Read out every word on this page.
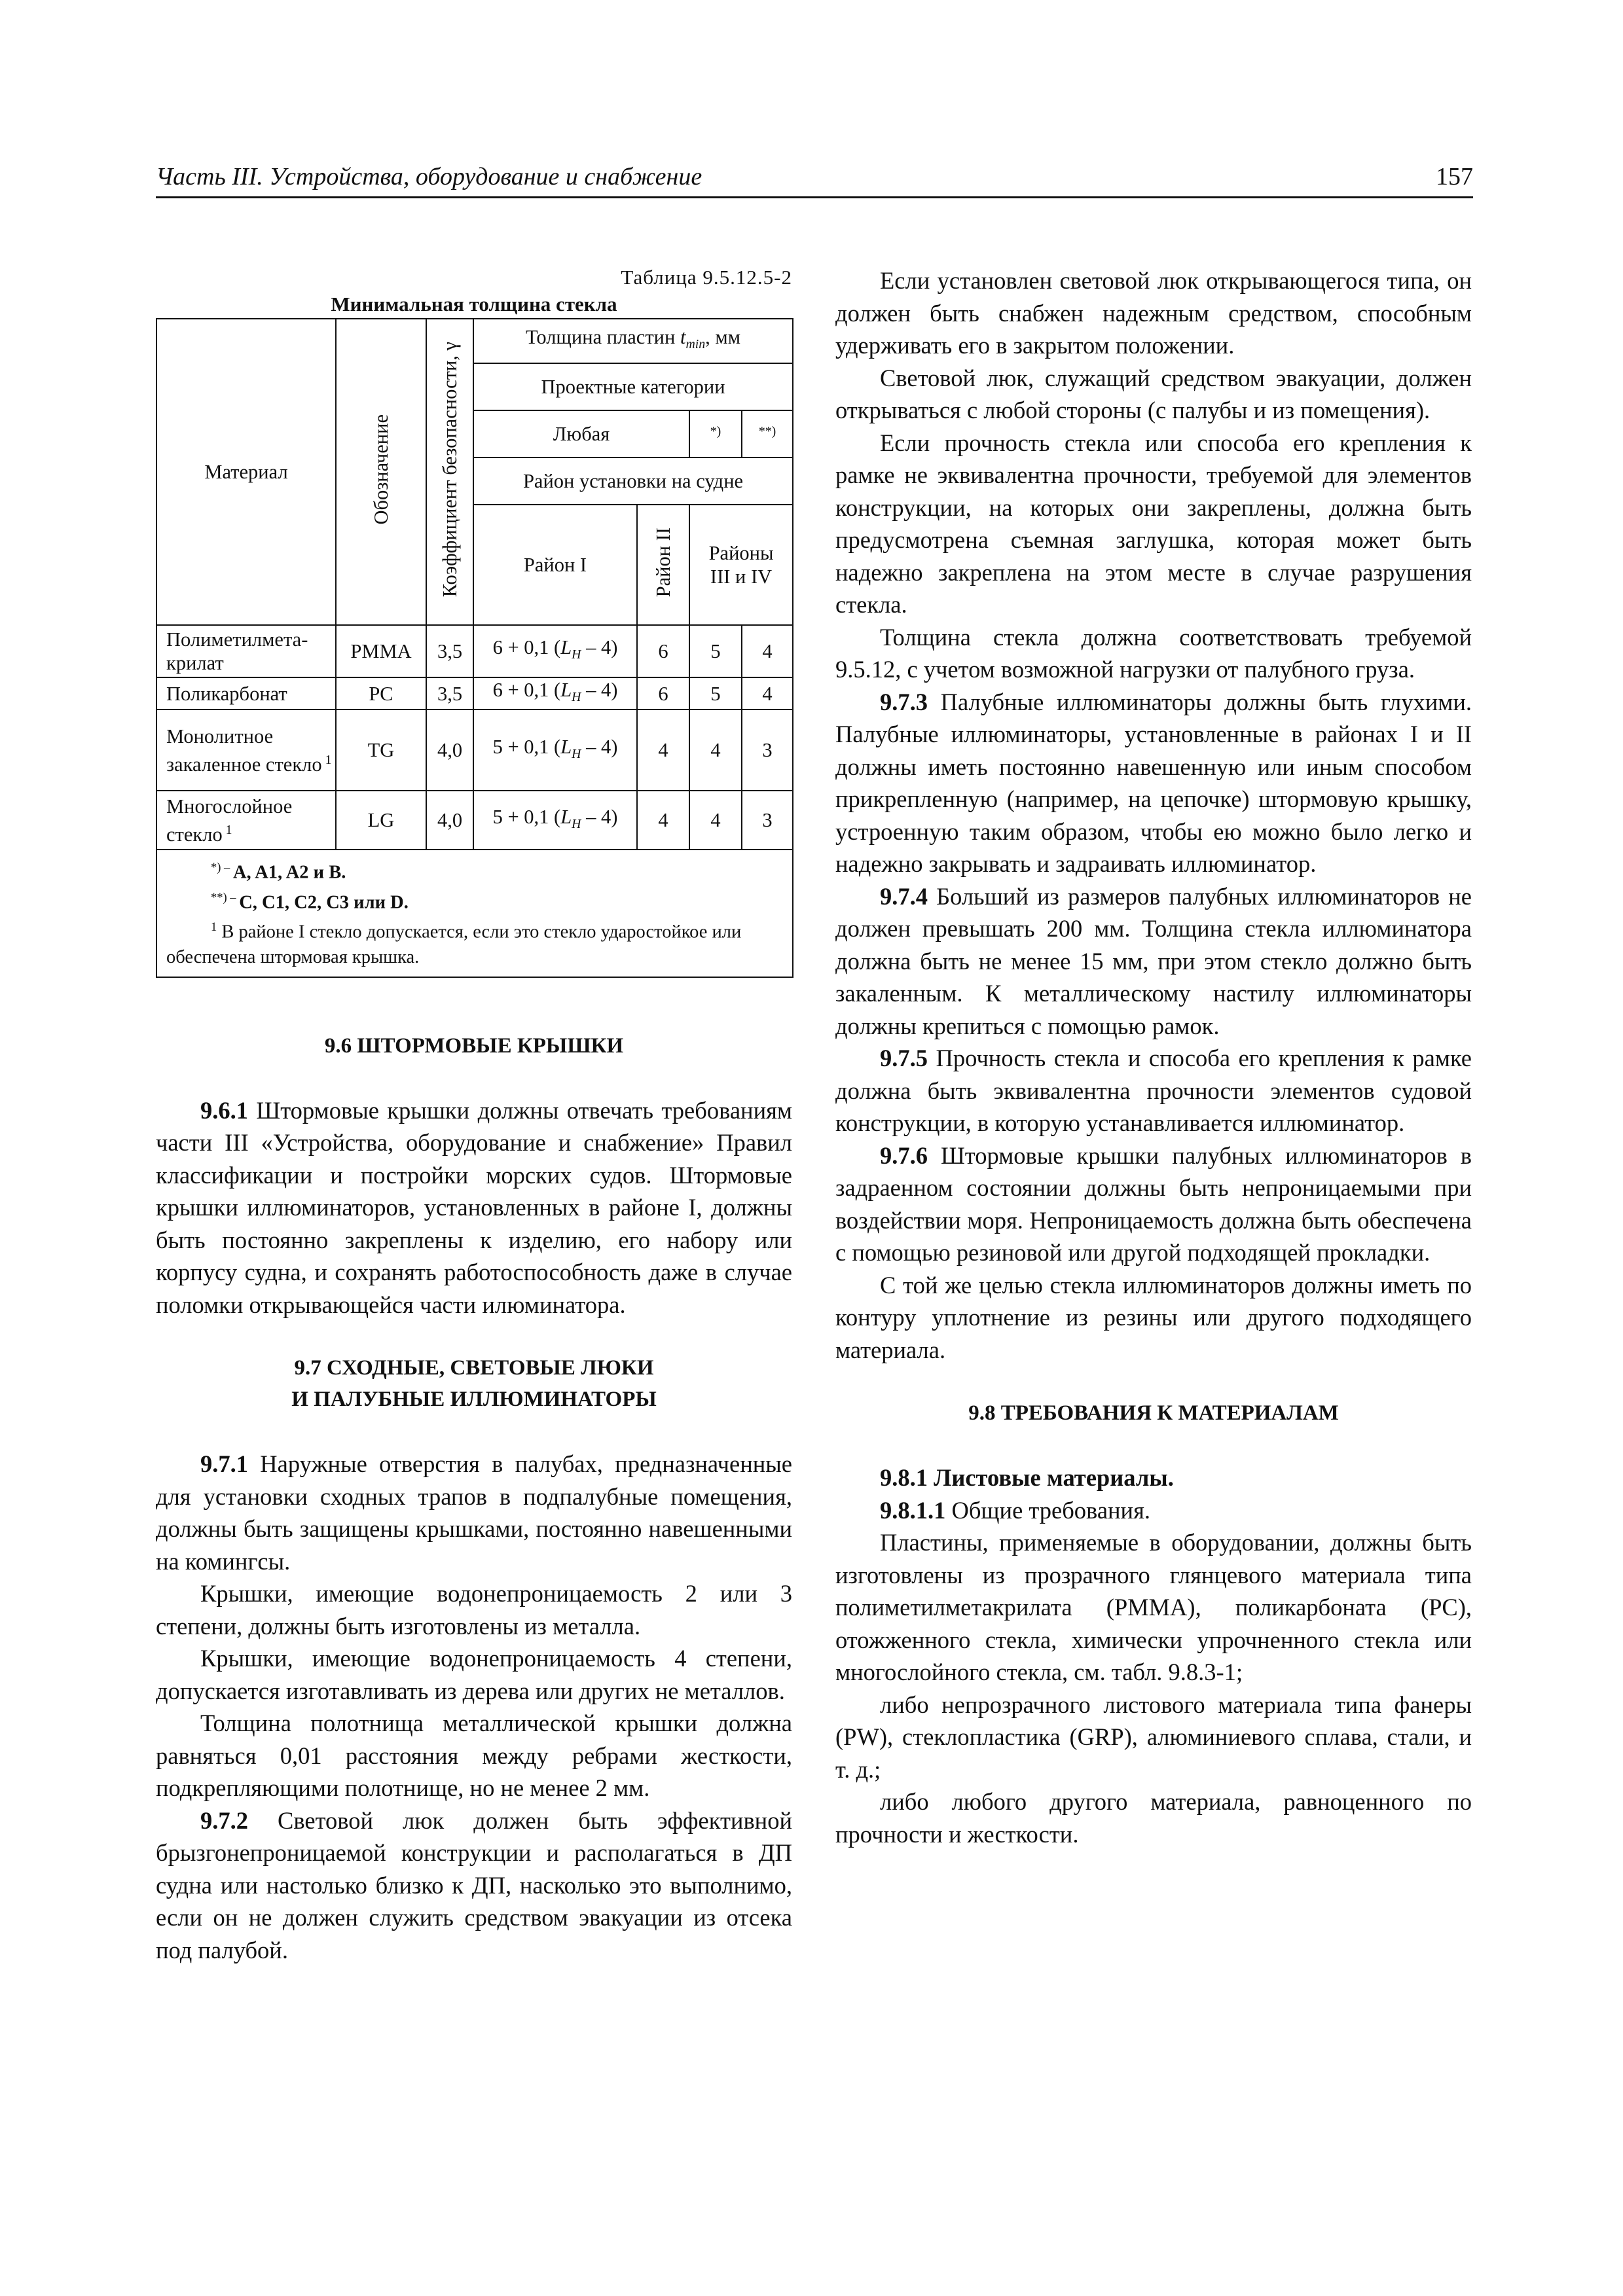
Часть III. Устройства, оборудование и снабжение	157
Таблица 9.5.12.5-2
Минимальная толщина стекла
Материал	Обозначение	Коэффициент безопасности, γ	Толщина пластин $t_{min}$, мм			
			Проектные категории			
			Любая		*)	**)
			Район установки на судне			
			Район I	Район II	Районы
III и IV	
Полиметилмета-крилат	PMMA	3,5	6 + 0,1 $(L_H - 4)$	6	5	4
Поликарбонат	PC	3,5	6 + 0,1 $(L_H - 4)$	6	5	4
Монолитное закаленное стекло $^1$	TG	4,0	5 + 0,1 $(L_H - 4)$	4	4	3
Многослойное стекло $^1$	LG	4,0	5 + 0,1 $(L_H - 4)$	4	4	3

*) – A, A1, A2 и B.
**) – C, C1, C2, C3 или D.
$^1$ В районе I стекло допускается, если это стекло ударостойкое или обеспечена штормовая крышка.						

9.6 ШТОРМОВЫЕ КРЫШКИ

9.6.1 Штормовые крышки должны отвечать требованиям части III «Устройства, оборудование и снабжение» Правил классификации и постройки морских судов. Штормовые крышки иллюминаторов, установленных в районе I, должны быть постоянно закреплены к изделию, его набору или корпусу судна, и сохранять работоспособность даже в случае поломки открывающейся части илюминатора.

9.7 СХОДНЫЕ, СВЕТОВЫЕ ЛЮКИ
И ПАЛУБНЫЕ ИЛЛЮМИНАТОРЫ

9.7.1 Наружные отверстия в палубах, предназначенные для установки сходных трапов в подпалубные помещения, должны быть защищены крышками, постоянно навешенными на комингсы.

Крышки, имеющие водонепроницаемость 2 или 3 степени, должны быть изготовлены из металла.

Крышки, имеющие водонепроницаемость 4 степени, допускается изготавливать из дерева или других не металлов.

Толщина полотнища металлической крышки должна равняться 0,01 расстояния между ребрами жесткости, подкрепляющими полотнище, но не менее 2 мм.

9.7.2 Световой люк должен быть эффективной брызгонепроницаемой конструкции и располагаться в ДП судна или настолько близко к ДП, насколько это выполнимо, если он не должен служить средством эвакуации из отсека под палубой.

Если установлен световой люк открывающегося типа, он должен быть снабжен надежным средством, способным удерживать его в закрытом положении.

Световой люк, служащий средством эвакуации, должен открываться с любой стороны (с палубы и из помещения).

Если прочность стекла или способа его крепления к рамке не эквивалентна прочности, требуемой для элементов конструкции, на которых они закреплены, должна быть предусмотрена съемная заглушка, которая может быть надежно закреплена на этом месте в случае разрушения стекла.

Толщина стекла должна соответствовать требуемой 9.5.12, с учетом возможной нагрузки от палубного груза.

9.7.3 Палубные иллюминаторы должны быть глухими. Палубные иллюминаторы, установленные в районах I и II должны иметь постоянно навешенную или иным способом прикрепленную (например, на цепочке) штормовую крышку, устроенную таким образом, чтобы ею можно было легко и надежно закрывать и задраивать иллюминатор.

9.7.4 Больший из размеров палубных иллюминаторов не должен превышать 200 мм. Толщина стекла иллюминатора должна быть не менее 15 мм, при этом стекло должно быть закаленным. К металлическому настилу иллюминаторы должны крепиться с помощью рамок.

9.7.5 Прочность стекла и способа его крепления к рамке должна быть эквивалентна прочности элементов судовой конструкции, в которую устанавливается иллюминатор.

9.7.6 Штормовые крышки палубных иллюминаторов в задраенном состоянии должны быть непроницаемыми при воздействии моря. Непроницаемость должна быть обеспечена с помощью резиновой или другой подходящей прокладки.

С той же целью стекла иллюминаторов должны иметь по контуру уплотнение из резины или другого подходящего материала.

9.8 ТРЕБОВАНИЯ К МАТЕРИАЛАМ

9.8.1 Листовые материалы.

9.8.1.1 Общие требования.

Пластины, применяемые в оборудовании, должны быть изготовлены из прозрачного глянцевого материала типа полиметилметакрилата (PMMA), поликарбоната (PC), отожженного стекла, химически упрочненного стекла или многослойного стекла, см. табл. 9.8.3-1;

либо непрозрачного листового материала типа фанеры (PW), стеклопластика (GRP), алюминиевого сплава, стали, и т. д.;

либо любого другого материала, равноценного по прочности и жесткости.
